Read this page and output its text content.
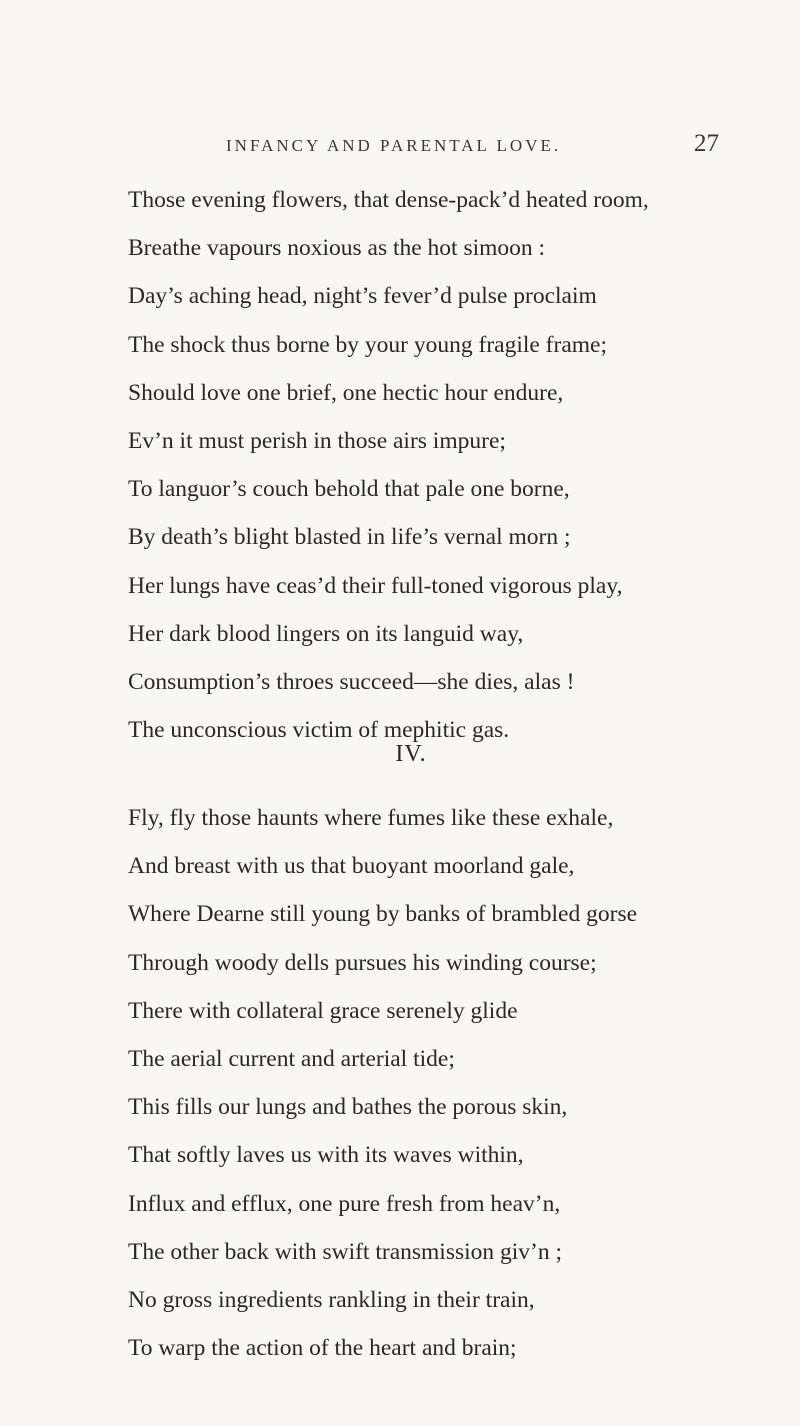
INFANCY AND PARENTAL LOVE.	27
Those evening flowers, that dense-pack’d heated room,
Breathe vapours noxious as the hot simoon :
Day’s aching head, night’s fever’d pulse proclaim
The shock thus borne by your young fragile frame;
Should love one brief, one hectic hour endure,
Ev’n it must perish in those airs impure;
To languor’s couch behold that pale one borne,
By death’s blight blasted in life’s vernal morn ;
Her lungs have ceas’d their full-toned vigorous play,
Her dark blood lingers on its languid way,
Consumption’s throes succeed—she dies, alas !
The unconscious victim of mephitic gas.
IV.
Fly, fly those haunts where fumes like these exhale,
And breast with us that buoyant moorland gale,
Where Dearne still young by banks of brambled gorse
Through woody dells pursues his winding course;
There with collateral grace serenely glide
The aerial current and arterial tide;
This fills our lungs and bathes the porous skin,
That softly laves us with its waves within,
Influx and efflux, one pure fresh from heav’n,
The other back with swift transmission giv’n ;
No gross ingredients rankling in their train,
To warp the action of the heart and brain;
